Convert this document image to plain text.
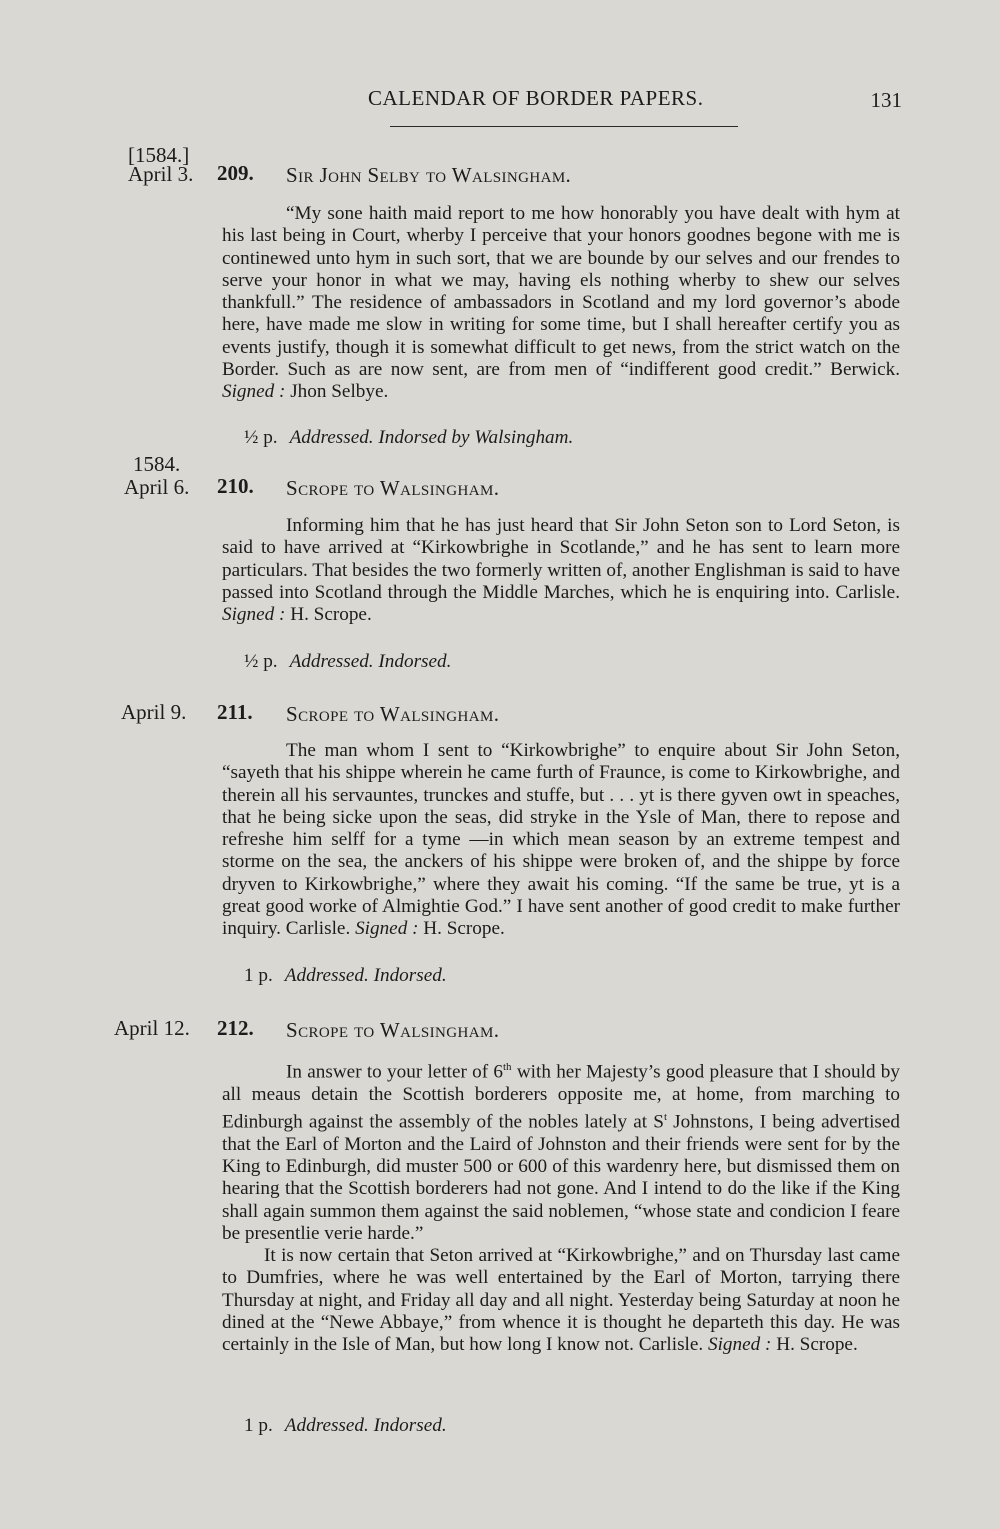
CALENDAR OF BORDER PAPERS.	131
[1584.]
April 3. 209. Sir John Selby to Walsingham.

“My sone haith maid report to me how honorably you have dealt with hym at his last being in Court, wherby I perceive that your honors goodnes begone with me is continewed unto hym in such sort, that we are bounde by our selves and our frendes to serve your honor in what we may, having els nothing wherby to shew our selves thankfull.” The residence of ambassadors in Scotland and my lord governor’s abode here, have made me slow in writing for some time, but I shall hereafter certify you as events justify, though it is somewhat difficult to get news, from the strict watch on the Border. Such as are now sent, are from men of “indifferent good credit.” Berwick. Signed : Jhon Selbye.

½ p. Addressed. Indorsed by Walsingham.
1584.
April 6. 210. Scrope to Walsingham.

Informing him that he has just heard that Sir John Seton son to Lord Seton, is said to have arrived at “Kirkowbrighe in Scotlande,” and he has sent to learn more particulars. That besides the two formerly written of, another Englishman is said to have passed into Scotland through the Middle Marches, which he is enquiring into. Carlisle. Signed : H. Scrope.

½ p. Addressed. Indorsed.
April 9. 211. Scrope to Walsingham.

The man whom I sent to “Kirkowbrighe” to enquire about Sir John Seton, “sayeth that his shippe wherein he came furth of Fraunce, is come to Kirkowbrighe, and therein all his servauntes, trunckes and stuffe, but . . . yt is there gyven owt in speaches, that he being sicke upon the seas, did stryke in the Ysle of Man, there to repose and refreshe him selff for a tyme —in which mean season by an extreme tempest and storme on the sea, the anckers of his shippe were broken of, and the shippe by force dryven to Kirkowbrighe,” where they await his coming. “If the same be true, yt is a great good worke of Almightie God.” I have sent another of good credit to make further inquiry. Carlisle. Signed : H. Scrope.

1 p. Addressed. Indorsed.
April 12. 212. Scrope to Walsingham.

In answer to your letter of 6th with her Majesty’s good pleasure that I should by all meaus detain the Scottish borderers opposite me, at home, from marching to Edinburgh against the assembly of the nobles lately at $S^t$ Johnstons, I being advertised that the Earl of Morton and the Laird of Johnston and their friends were sent for by the King to Edinburgh, did muster 500 or 600 of this wardenry here, but dismissed them on hearing that the Scottish borderers had not gone. And I intend to do the like if the King shall again summon them against the said noblemen, “whose state and condicion I feare be presentlie verie harde.”

It is now certain that Seton arrived at “Kirkowbrighe,” and on Thursday last came to Dumfries, where he was well entertained by the Earl of Morton, tarrying there Thursday at night, and Friday all day and all night. Yesterday being Saturday at noon he dined at the “Newe Abbaye,” from whence it is thought he departeth this day. He was certainly in the Isle of Man, but how long I know not. Carlisle. Signed : H. Scrope.

1 p. Addressed. Indorsed.
